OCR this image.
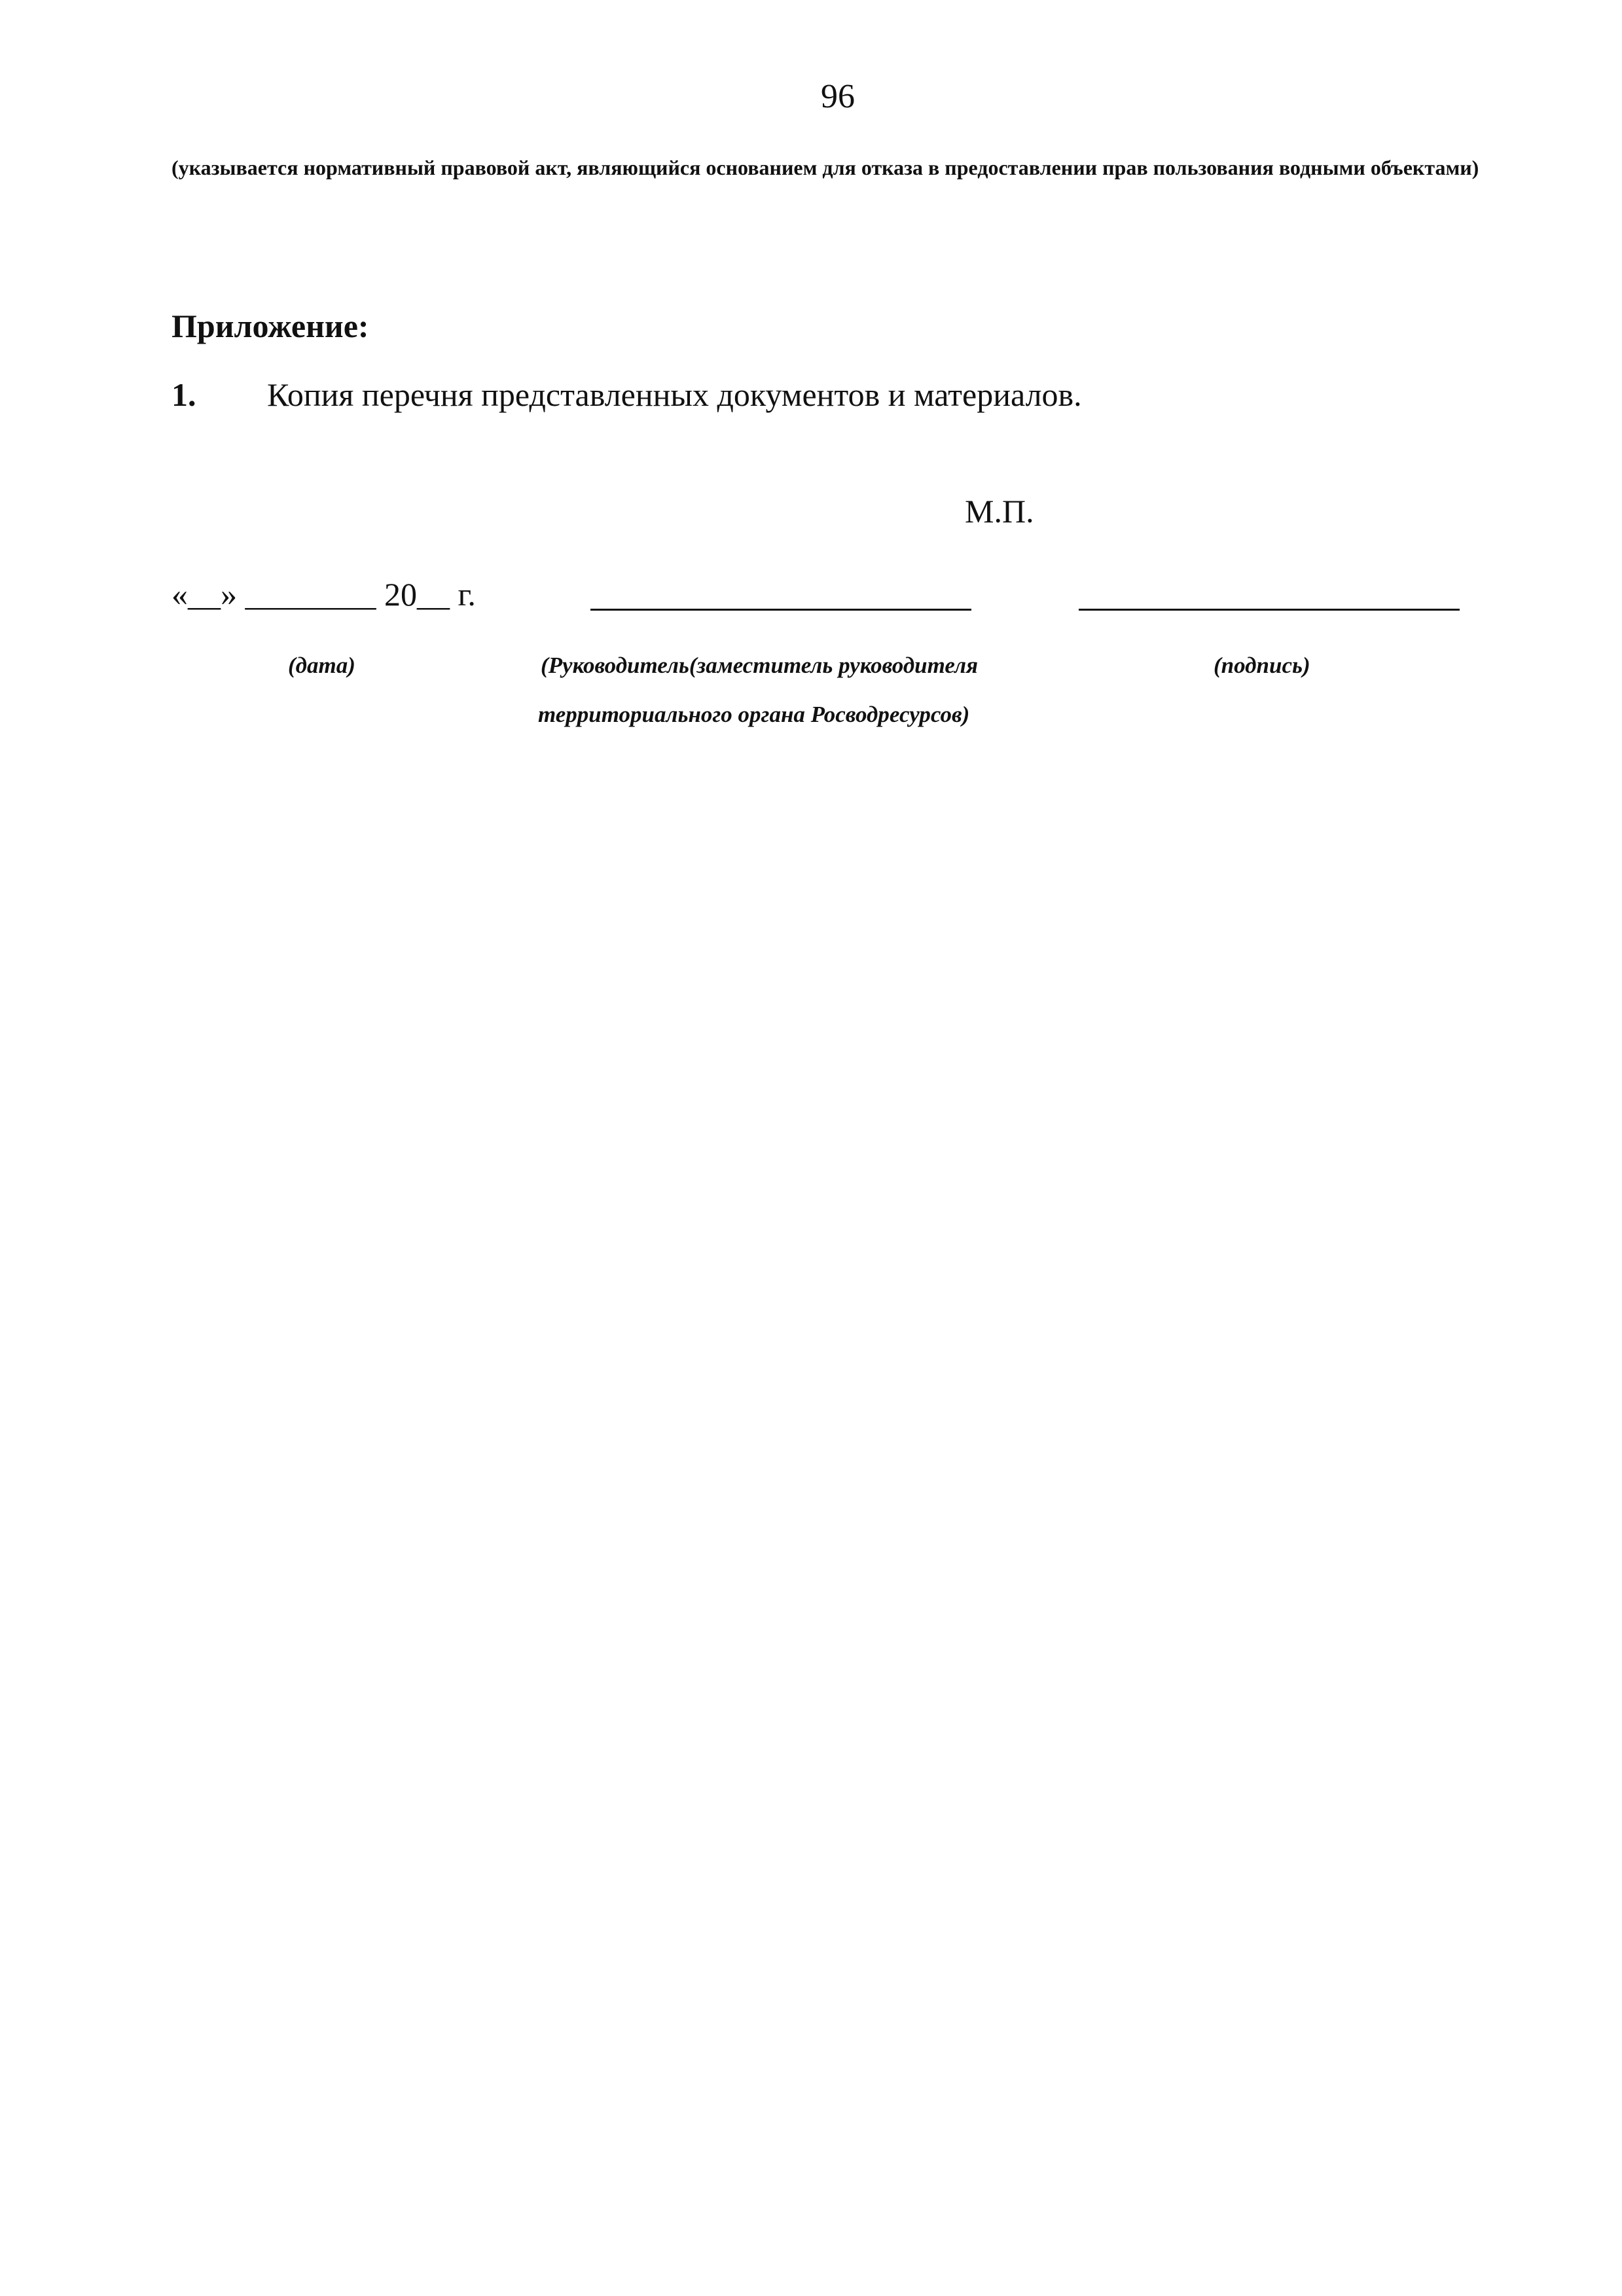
96
(указывается нормативный правовой акт, являющийся основанием для отказа в предоставлении прав пользования водными объектами)
Приложение:
1. Копия перечня представленных документов и материалов.
М.П.
«__» ________ 20__ г.
(дата)	(Руководитель(заместитель руководителя
территориального органа Росводресурсов)
(подпись)
